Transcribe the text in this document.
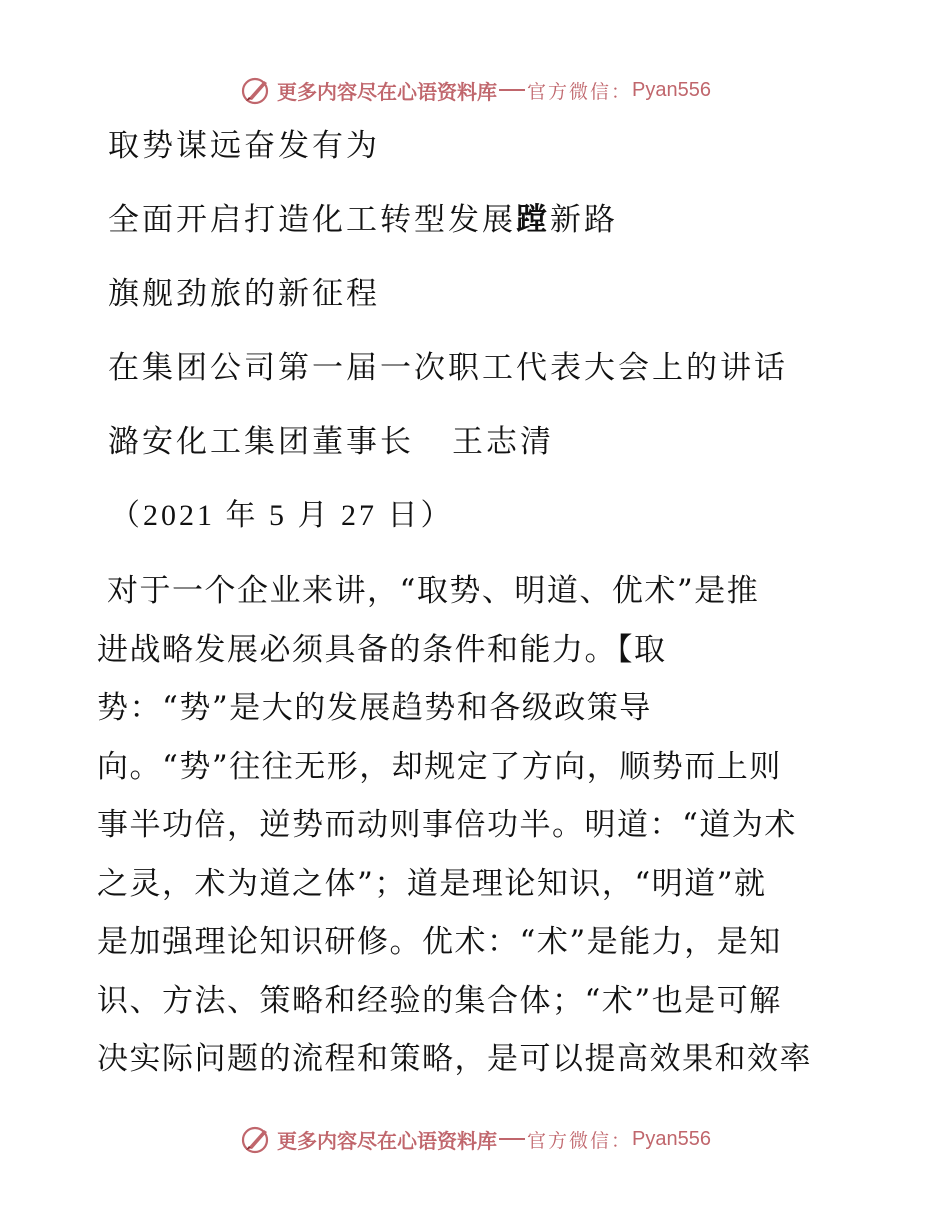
更多内容尽在心语资料库 官方微信： Pyan556
取势谋远奋发有为
全面开启打造化工转型发展蹚新路
旗舰劲旅的新征程
在集团公司第一届一次职工代表大会上的讲话
潞安化工集团董事长 王志清
（2021 年 5 月 27 日）
对于一个企业来讲，“取势、明道、优术”是推
进战略发展必须具备的条件和能力。【取
势：“势”是大的发展趋势和各级政策导
向。“势”往往无形，却规定了方向，顺势而上则
事半功倍，逆势而动则事倍功半。明道：“道为术
之灵，术为道之体”；道是理论知识，“明道”就
是加强理论知识研修。优术：“术”是能力，是知
识、方法、策略和经验的集合体；“术”也是可解
决实际问题的流程和策略，是可以提高效果和效率
更多内容尽在心语资料库 官方微信： Pyan556
